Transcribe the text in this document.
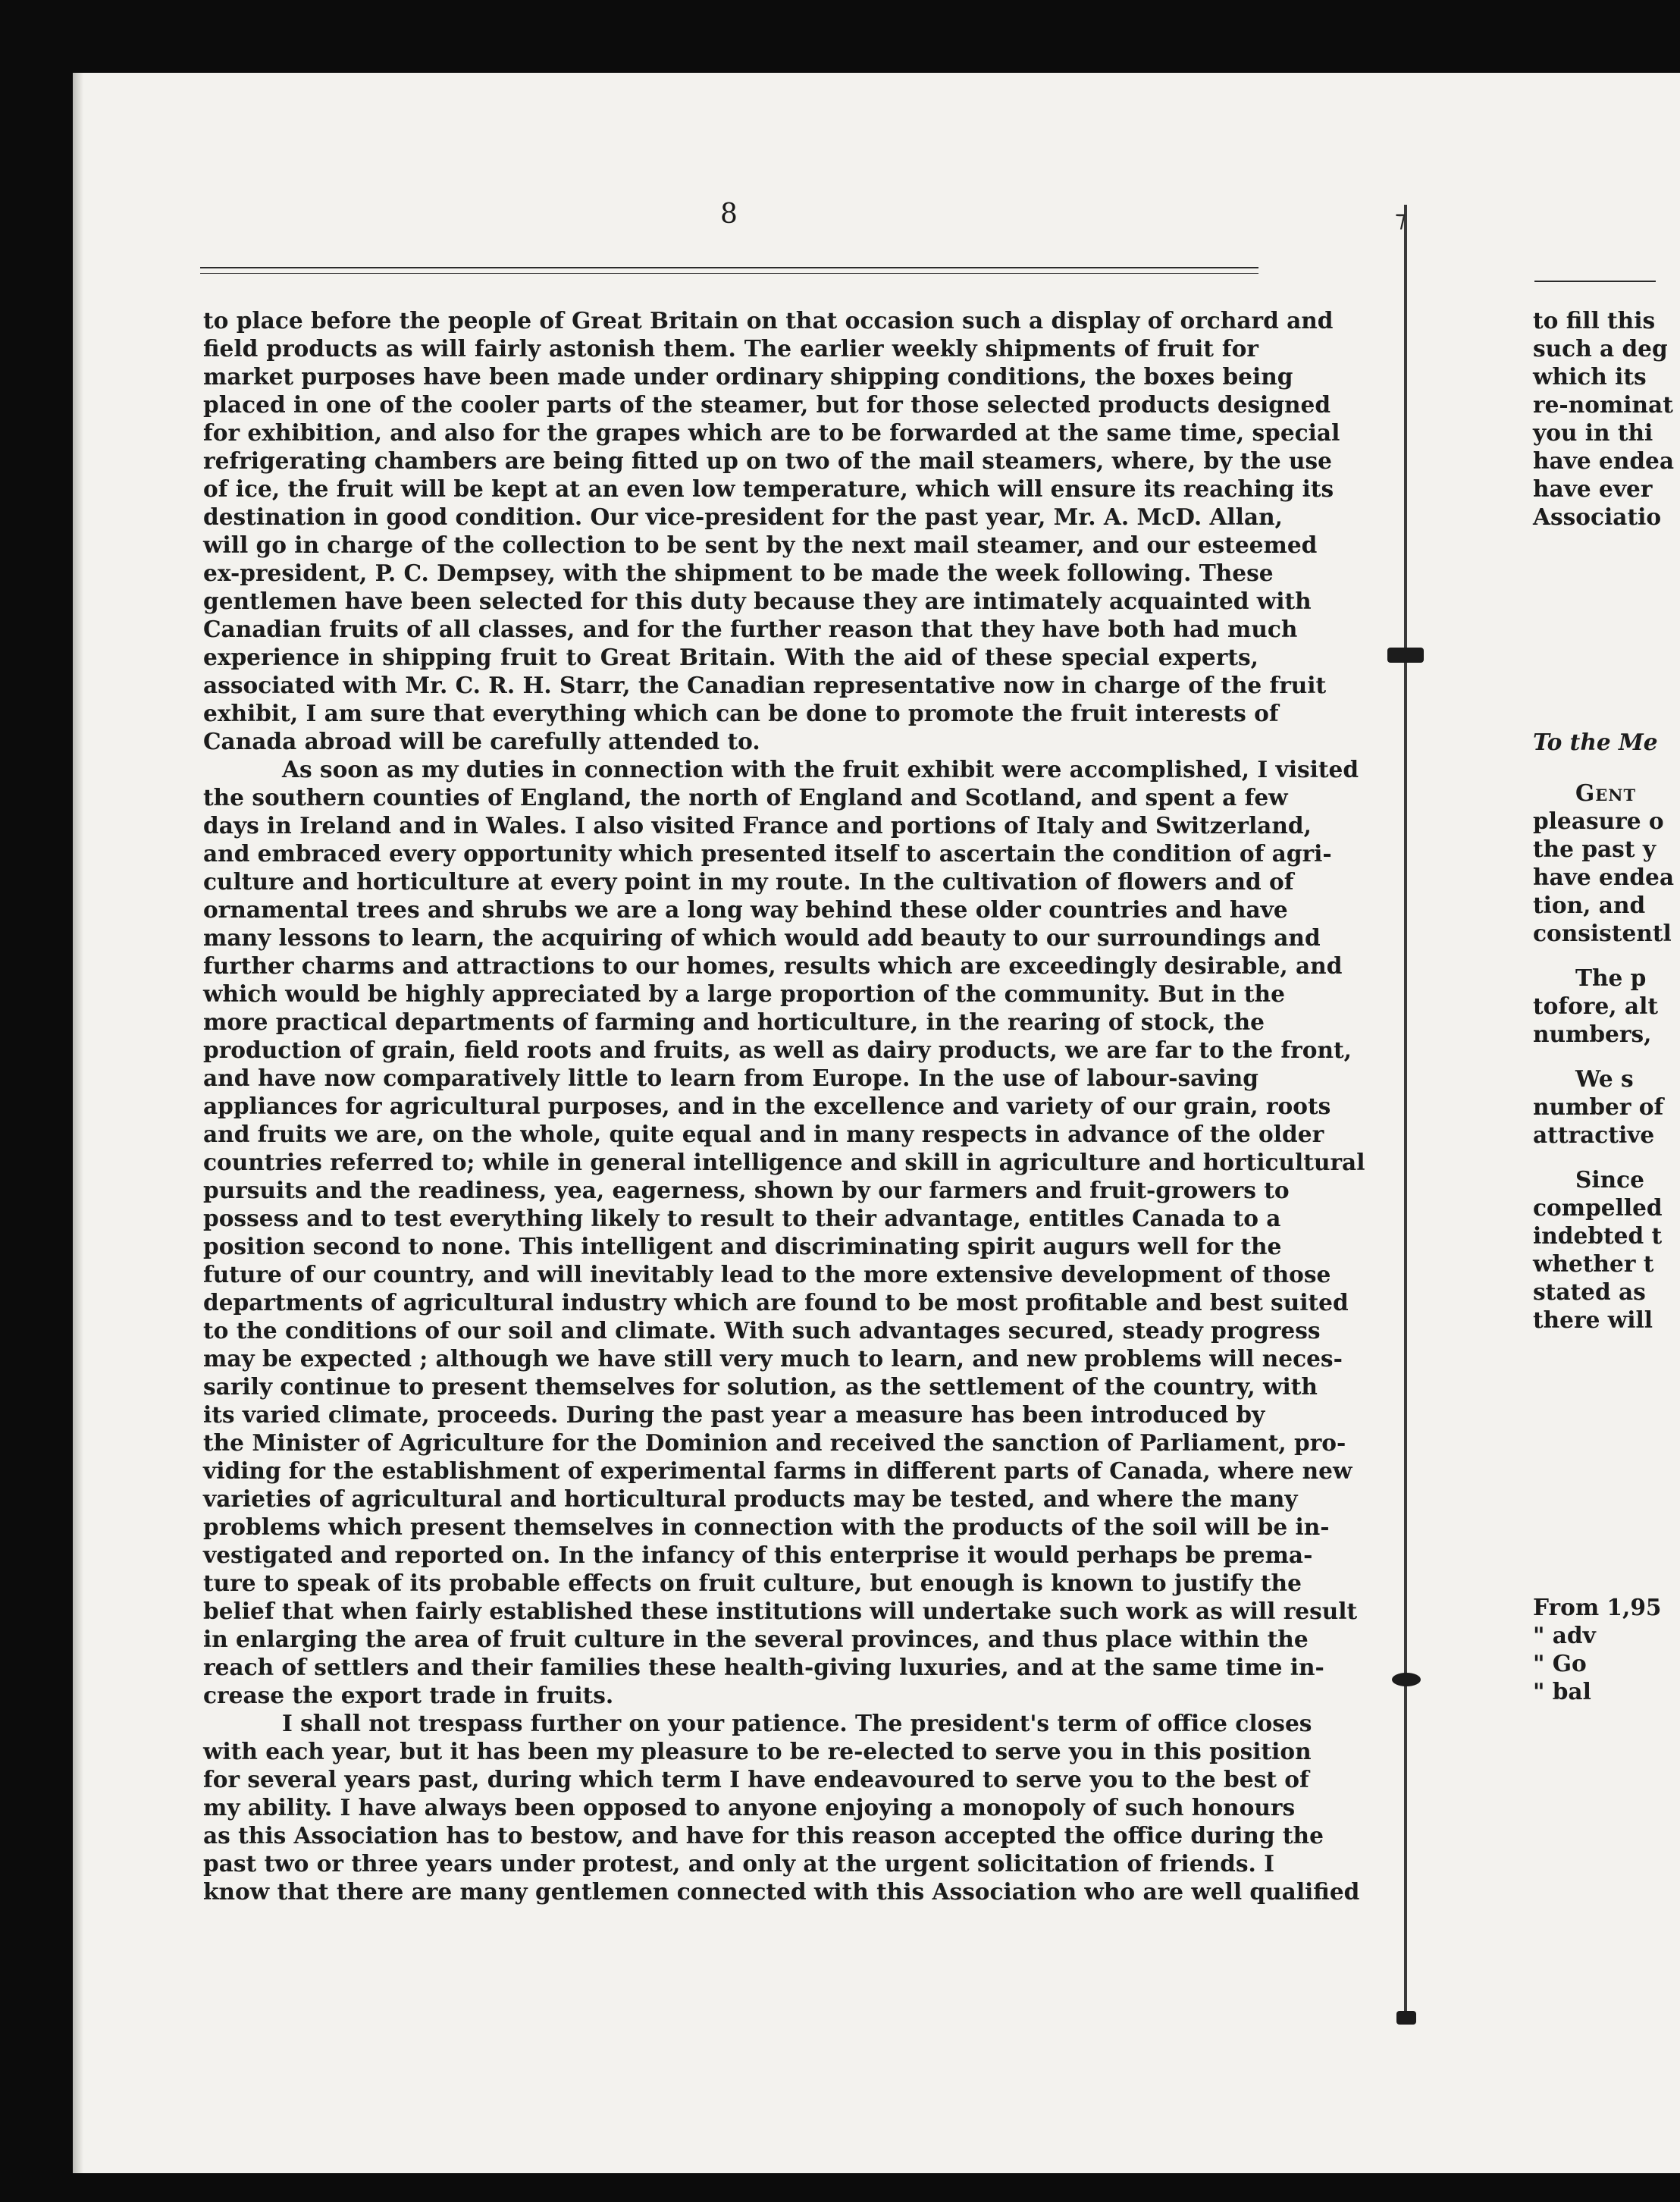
8
to place before the people of Great Britain on that occasion such a display of orchard and
field products as will fairly astonish them. The earlier weekly shipments of fruit for
market purposes have been made under ordinary shipping conditions, the boxes being
placed in one of the cooler parts of the steamer, but for those selected products designed
for exhibition, and also for the grapes which are to be forwarded at the same time, special
refrigerating chambers are being fitted up on two of the mail steamers, where, by the use
of ice, the fruit will be kept at an even low temperature, which will ensure its reaching its
destination in good condition. Our vice-president for the past year, Mr. A. McD. Allan,
will go in charge of the collection to be sent by the next mail steamer, and our esteemed
ex-president, P. C. Dempsey, with the shipment to be made the week following. These
gentlemen have been selected for this duty because they are intimately acquainted with
Canadian fruits of all classes, and for the further reason that they have both had much
experience in shipping fruit to Great Britain. With the aid of these special experts,
associated with Mr. C. R. H. Starr, the Canadian representative now in charge of the fruit
exhibit, I am sure that everything which can be done to promote the fruit interests of
Canada abroad will be carefully attended to.
As soon as my duties in connection with the fruit exhibit were accomplished, I visited
the southern counties of England, the north of England and Scotland, and spent a few
days in Ireland and in Wales. I also visited France and portions of Italy and Switzerland,
and embraced every opportunity which presented itself to ascertain the condition of agri-
culture and horticulture at every point in my route. In the cultivation of flowers and of
ornamental trees and shrubs we are a long way behind these older countries and have
many lessons to learn, the acquiring of which would add beauty to our surroundings and
further charms and attractions to our homes, results which are exceedingly desirable, and
which would be highly appreciated by a large proportion of the community. But in the
more practical departments of farming and horticulture, in the rearing of stock, the
production of grain, field roots and fruits, as well as dairy products, we are far to the front,
and have now comparatively little to learn from Europe. In the use of labour-saving
appliances for agricultural purposes, and in the excellence and variety of our grain, roots
and fruits we are, on the whole, quite equal and in many respects in advance of the older
countries referred to; while in general intelligence and skill in agriculture and horticultural
pursuits and the readiness, yea, eagerness, shown by our farmers and fruit-growers to
possess and to test everything likely to result to their advantage, entitles Canada to a
position second to none. This intelligent and discriminating spirit augurs well for the
future of our country, and will inevitably lead to the more extensive development of those
departments of agricultural industry which are found to be most profitable and best suited
to the conditions of our soil and climate. With such advantages secured, steady progress
may be expected ; although we have still very much to learn, and new problems will neces-
sarily continue to present themselves for solution, as the settlement of the country, with
its varied climate, proceeds. During the past year a measure has been introduced by
the Minister of Agriculture for the Dominion and received the sanction of Parliament, pro-
viding for the establishment of experimental farms in different parts of Canada, where new
varieties of agricultural and horticultural products may be tested, and where the many
problems which present themselves in connection with the products of the soil will be in-
vestigated and reported on. In the infancy of this enterprise it would perhaps be prema-
ture to speak of its probable effects on fruit culture, but enough is known to justify the
belief that when fairly established these institutions will undertake such work as will result
in enlarging the area of fruit culture in the several provinces, and thus place within the
reach of settlers and their families these health-giving luxuries, and at the same time in-
crease the export trade in fruits.
I shall not trespass further on your patience. The president's term of office closes
with each year, but it has been my pleasure to be re-elected to serve you in this position
for several years past, during which term I have endeavoured to serve you to the best of
my ability. I have always been opposed to anyone enjoying a monopoly of such honours
as this Association has to bestow, and have for this reason accepted the office during the
past two or three years under protest, and only at the urgent solicitation of friends. I
know that there are many gentlemen connected with this Association who are well qualified
⁊
to fill this
such a deg
which its
re-nominat
you in thi
have endea
have ever
Associatio
To the Me
Gent
pleasure o
the past y
have endea
tion, and
consistentl
The p
tofore, alt
numbers,
We s
number of
attractive
Since
compelled
indebted t
whether t
stated as
there will
From 1,95
" adv
" Go
" bal
